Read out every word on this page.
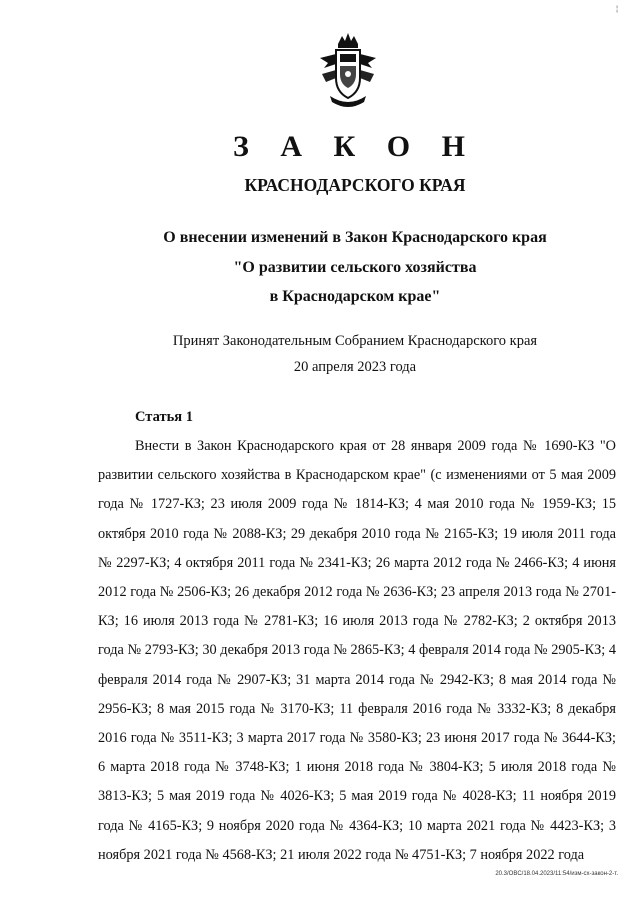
¦
З А К О Н
КРАСНОДАРСКОГО КРАЯ
О внесении изменений в Закон Краснодарского края
"О развитии сельского хозяйства
в Краснодарском крае"
Принят Законодательным Собранием Краснодарского края
20 апреля 2023 года
Статья 1
Внести в Закон Краснодарского края от 28 января 2009 года № 1690-КЗ "О развитии сельского хозяйства в Краснодарском крае" (с изменениями от 5 мая 2009 года № 1727-КЗ; 23 июля 2009 года № 1814-КЗ; 4 мая 2010 года № 1959-КЗ; 15 октября 2010 года № 2088-КЗ; 29 декабря 2010 года № 2165-КЗ; 19 июля 2011 года № 2297-КЗ; 4 октября 2011 года № 2341-КЗ; 26 марта 2012 года № 2466-КЗ; 4 июня 2012 года № 2506-КЗ; 26 декабря 2012 года № 2636-КЗ; 23 апреля 2013 года № 2701-КЗ; 16 июля 2013 года № 2781-КЗ; 16 июля 2013 года № 2782-КЗ; 2 октября 2013 года № 2793-КЗ; 30 декабря 2013 года № 2865-КЗ; 4 февраля 2014 года № 2905-КЗ; 4 февраля 2014 года № 2907-КЗ; 31 марта 2014 года № 2942-КЗ; 8 мая 2014 года № 2956-КЗ; 8 мая 2015 года № 3170-КЗ; 11 февраля 2016 года № 3332-КЗ; 8 декабря 2016 года № 3511-КЗ; 3 марта 2017 года № 3580-КЗ; 23 июня 2017 года № 3644-КЗ; 6 марта 2018 года № 3748-КЗ; 1 июня 2018 года № 3804-КЗ; 5 июля 2018 года № 3813-КЗ; 5 мая 2019 года № 4026-КЗ; 5 мая 2019 года № 4028-КЗ; 11 ноября 2019 года № 4165-КЗ; 9 ноября 2020 года № 4364-КЗ; 10 марта 2021 года № 4423-КЗ; 3 ноября 2021 года № 4568-КЗ; 21 июля 2022 года № 4751-КЗ; 7 ноября 2022 года
20.3/OBC/18.04.2023/11:54/изм-сх-закон-2-т.
